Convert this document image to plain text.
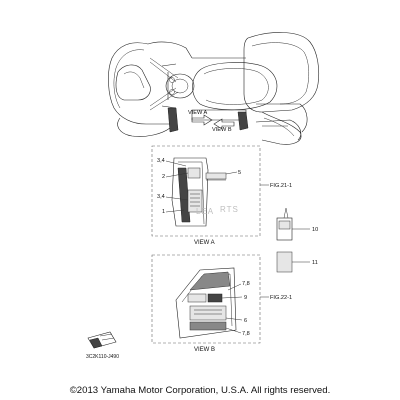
VIEW A
VIEW B
LEA RTS
3,4
2
3,4
1
5
FIG.21-1
VIEW A
10
11
7,8
9
6
7,8
FIG.22-1
VIEW B
3C2K110-J490
©2013 Yamaha Motor Corporation, U.S.A. All rights reserved.
